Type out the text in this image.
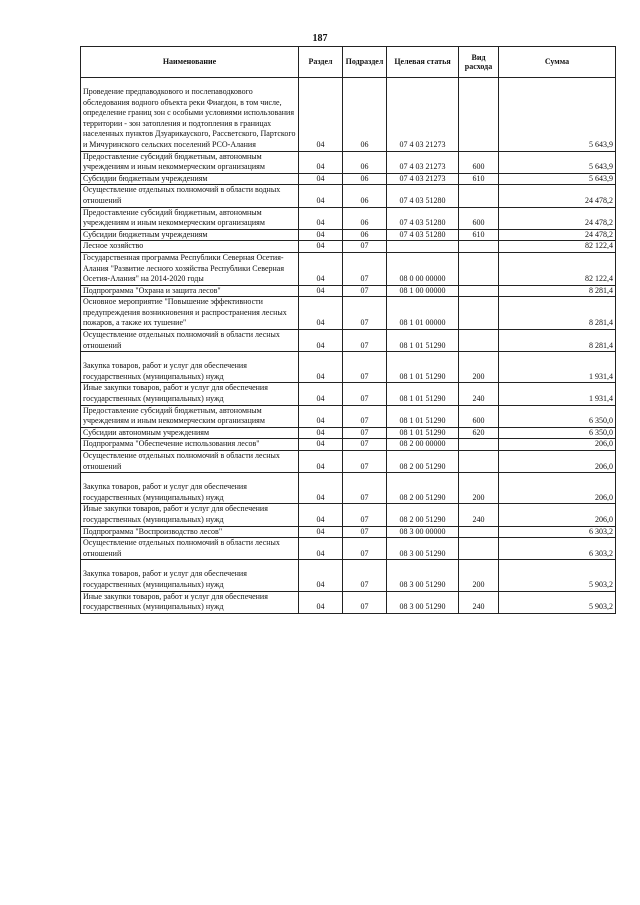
187
Наименование	Раздел	Подраздел	Целевая статья	Вид расхода	Сумма
Проведение предпаводкового и послепаводкового обследования водного объекта реки Фиагдон, в том числе, определение границ зон с особыми условиями использования территории - зон затопления и подтопления в границах населенных пунктов Дзуарикауского, Рассветского, Партского и Мичуринского сельских поселений РСО-Алания	04	06	07 4 03 21273		5 643,9
Предоставление субсидий бюджетным, автономным учреждениям и иным некоммерческим организациям	04	06	07 4 03 21273	600	5 643,9
Субсидии бюджетным учреждениям	04	06	07 4 03 21273	610	5 643,9
Осуществление отдельных полномочий в области водных отношений	04	06	07 4 03 51280		24 478,2
Предоставление субсидий бюджетным, автономным учреждениям и иным некоммерческим организациям	04	06	07 4 03 51280	600	24 478,2
Субсидии бюджетным учреждениям	04	06	07 4 03 51280	610	24 478,2
Лесное хозяйство	04	07			82 122,4
Государственная программа Республики Северная Осетия-Алания "Развитие лесного хозяйства Республики Северная Осетия-Алания" на 2014-2020 годы	04	07	08 0 00 00000		82 122,4
Подпрограмма "Охрана и защита лесов"	04	07	08 1 00 00000		8 281,4
Основное мероприятие "Повышение эффективности предупреждения возникновения и распространения лесных пожаров, а также их тушение"	04	07	08 1 01 00000		8 281,4
Осуществление отдельных полномочий в области лесных отношений	04	07	08 1 01 51290		8 281,4
Закупка товаров, работ и услуг для обеспечения государственных (муниципальных) нужд	04	07	08 1 01 51290	200	1 931,4
Иные закупки товаров, работ и услуг для обеспечения государственных (муниципальных) нужд	04	07	08 1 01 51290	240	1 931,4
Предоставление субсидий бюджетным, автономным учреждениям и иным некоммерческим организациям	04	07	08 1 01 51290	600	6 350,0
Субсидии автономным учреждениям	04	07	08 1 01 51290	620	6 350,0
Подпрограмма "Обеспечение использования лесов"	04	07	08 2 00 00000		206,0
Осуществление отдельных полномочий в области лесных отношений	04	07	08 2 00 51290		206,0
Закупка товаров, работ и услуг для обеспечения государственных (муниципальных) нужд	04	07	08 2 00 51290	200	206,0
Иные закупки товаров, работ и услуг для обеспечения государственных (муниципальных) нужд	04	07	08 2 00 51290	240	206,0
Подпрограмма "Воспроизводство лесов"	04	07	08 3 00 00000		6 303,2
Осуществление отдельных полномочий в области лесных отношений	04	07	08 3 00 51290		6 303,2
Закупка товаров, работ и услуг для обеспечения государственных (муниципальных) нужд	04	07	08 3 00 51290	200	5 903,2
Иные закупки товаров, работ и услуг для обеспечения государственных (муниципальных) нужд	04	07	08 3 00 51290	240	5 903,2
